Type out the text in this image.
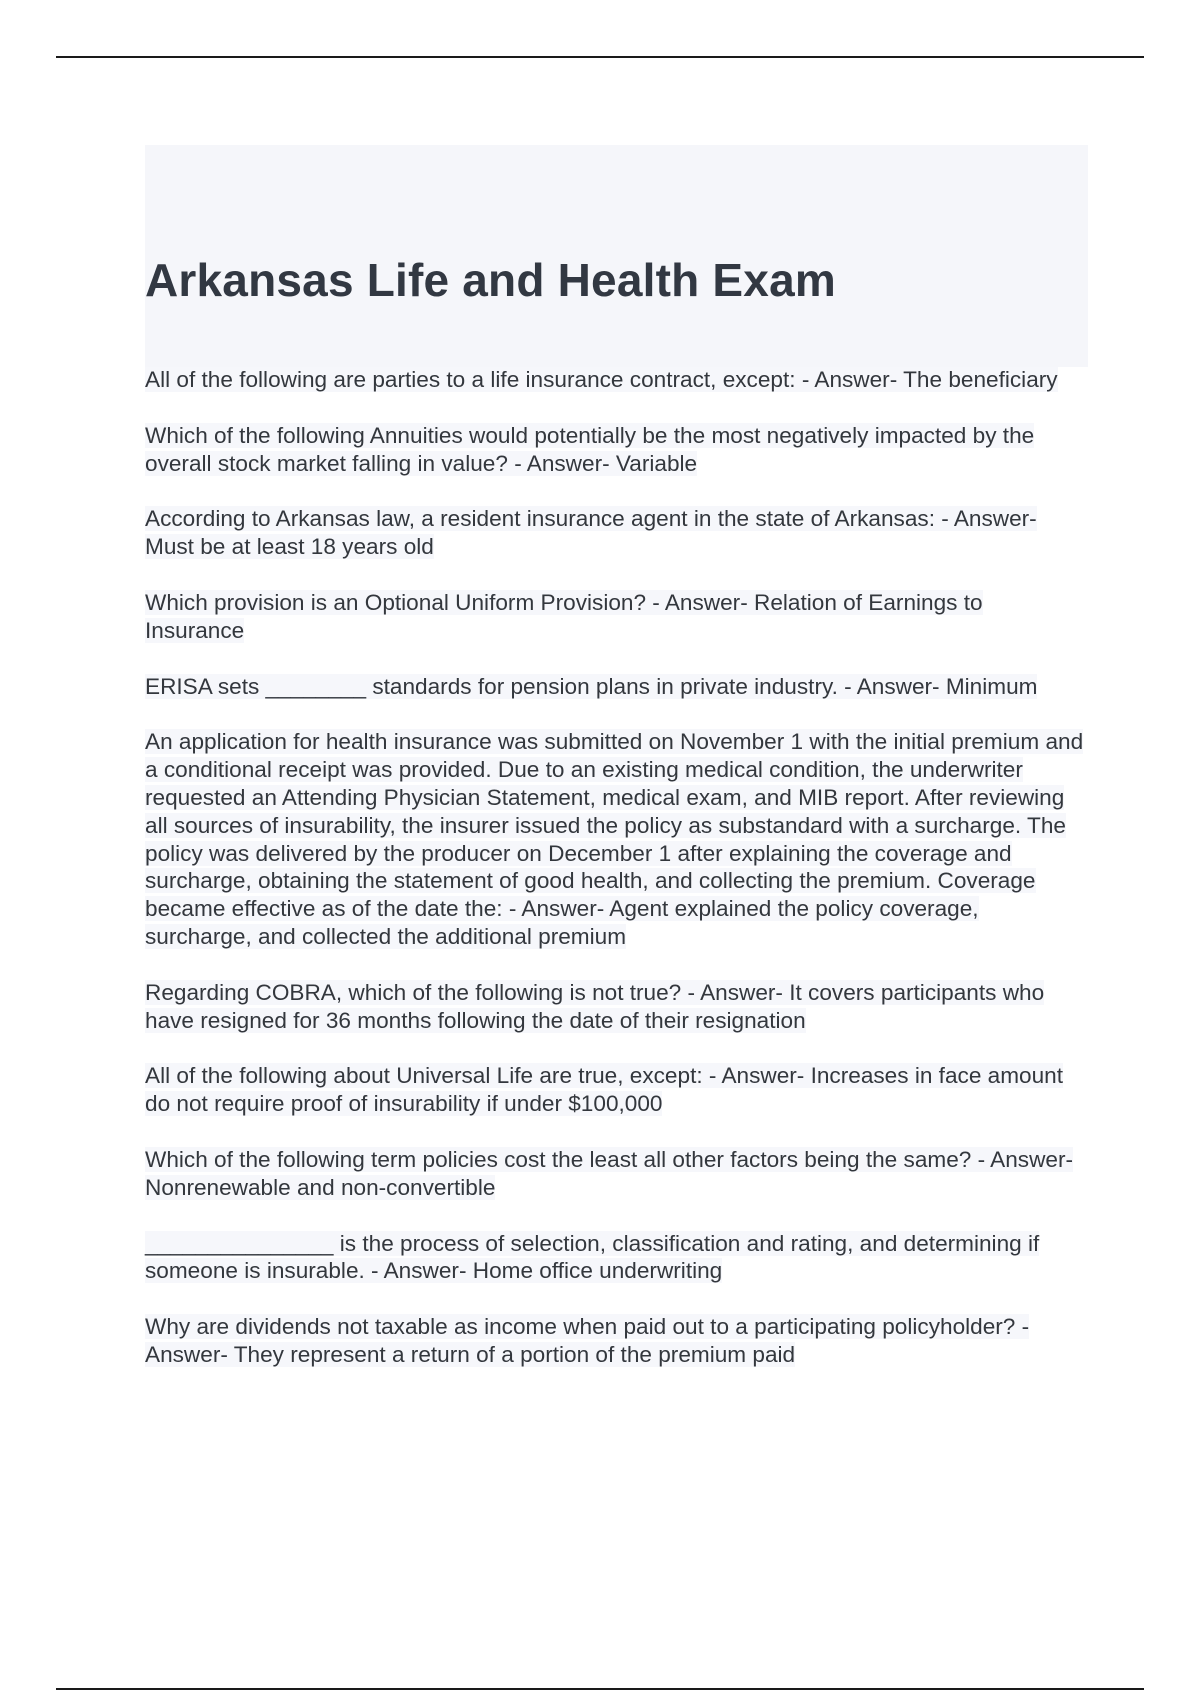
Arkansas Life and Health Exam

All of the following are parties to a life insurance contract, except: - Answer- The beneficiary

Which of the following Annuities would potentially be the most negatively impacted by the overall stock market falling in value? - Answer- Variable

According to Arkansas law, a resident insurance agent in the state of Arkansas: - Answer- Must be at least 18 years old

Which provision is an Optional Uniform Provision? - Answer- Relation of Earnings to Insurance

ERISA sets ________ standards for pension plans in private industry. - Answer- Minimum

An application for health insurance was submitted on November 1 with the initial premium and a conditional receipt was provided. Due to an existing medical condition, the underwriter requested an Attending Physician Statement, medical exam, and MIB report. After reviewing all sources of insurability, the insurer issued the policy as substandard with a surcharge. The policy was delivered by the producer on December 1 after explaining the coverage and surcharge, obtaining the statement of good health, and collecting the premium. Coverage became effective as of the date the: - Answer- Agent explained the policy coverage, surcharge, and collected the additional premium

Regarding COBRA, which of the following is not true? - Answer- It covers participants who have resigned for 36 months following the date of their resignation

All of the following about Universal Life are true, except: - Answer- Increases in face amount do not require proof of insurability if under $100,000

Which of the following term policies cost the least all other factors being the same? - Answer- Nonrenewable and non-convertible

_______________ is the process of selection, classification and rating, and determining if someone is insurable. - Answer- Home office underwriting

Why are dividends not taxable as income when paid out to a participating policyholder? - Answer- They represent a return of a portion of the premium paid
